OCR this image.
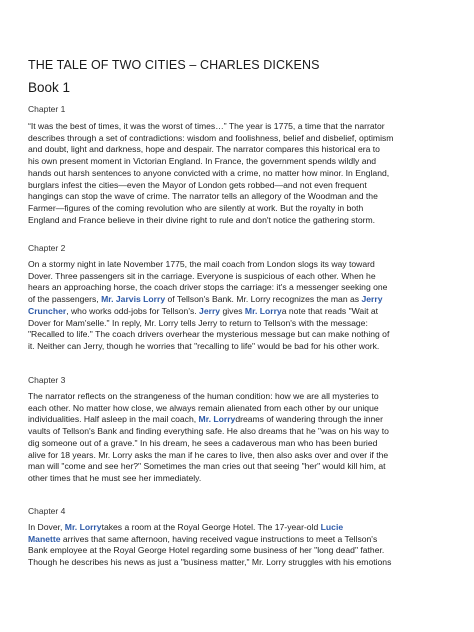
THE TALE OF TWO CITIES – CHARLES DICKENS
Book 1
Chapter 1
“It was the best of times, it was the worst of times…” The year is 1775, a time that the narrator
describes through a set of contradictions: wisdom and foolishness, belief and disbelief, optimism
and doubt, light and darkness, hope and despair. The narrator compares this historical era to
his own present moment in Victorian England. In France, the government spends wildly and
hands out harsh sentences to anyone convicted with a crime, no matter how minor. In England,
burglars infest the cities—even the Mayor of London gets robbed—and not even frequent
hangings can stop the wave of crime. The narrator tells an allegory of the Woodman and the
Farmer—figures of the coming revolution who are silently at work. But the royalty in both
England and France believe in their divine right to rule and don't notice the gathering storm.
Chapter 2
On a stormy night in late November 1775, the mail coach from London slogs its way toward
Dover. Three passengers sit in the carriage. Everyone is suspicious of each other. When he
hears an approaching horse, the coach driver stops the carriage: it's a messenger seeking one
of the passengers, Mr. Jarvis Lorry of Tellson's Bank. Mr. Lorry recognizes the man as Jerry
Cruncher, who works odd-jobs for Tellson's. Jerry gives Mr. Lorrya note that reads "Wait at
Dover for Mam'selle." In reply, Mr. Lorry tells Jerry to return to Tellson's with the message:
"Recalled to life." The coach drivers overhear the mysterious message but can make nothing of
it. Neither can Jerry, though he worries that "recalling to life" would be bad for his other work.
Chapter 3
The narrator reflects on the strangeness of the human condition: how we are all mysteries to
each other. No matter how close, we always remain alienated from each other by our unique
individualities. Half asleep in the mail coach, Mr. Lorrydreams of wandering through the inner
vaults of Tellson's Bank and finding everything safe. He also dreams that he "was on his way to
dig someone out of a grave." In his dream, he sees a cadaverous man who has been buried
alive for 18 years. Mr. Lorry asks the man if he cares to live, then also asks over and over if the
man will "come and see her?" Sometimes the man cries out that seeing "her" would kill him, at
other times that he must see her immediately.
Chapter 4
In Dover, Mr. Lorrytakes a room at the Royal George Hotel. The 17-year-old Lucie
Manette arrives that same afternoon, having received vague instructions to meet a Tellson's
Bank employee at the Royal George Hotel regarding some business of her "long dead" father.
Though he describes his news as just a "business matter," Mr. Lorry struggles with his emotions
